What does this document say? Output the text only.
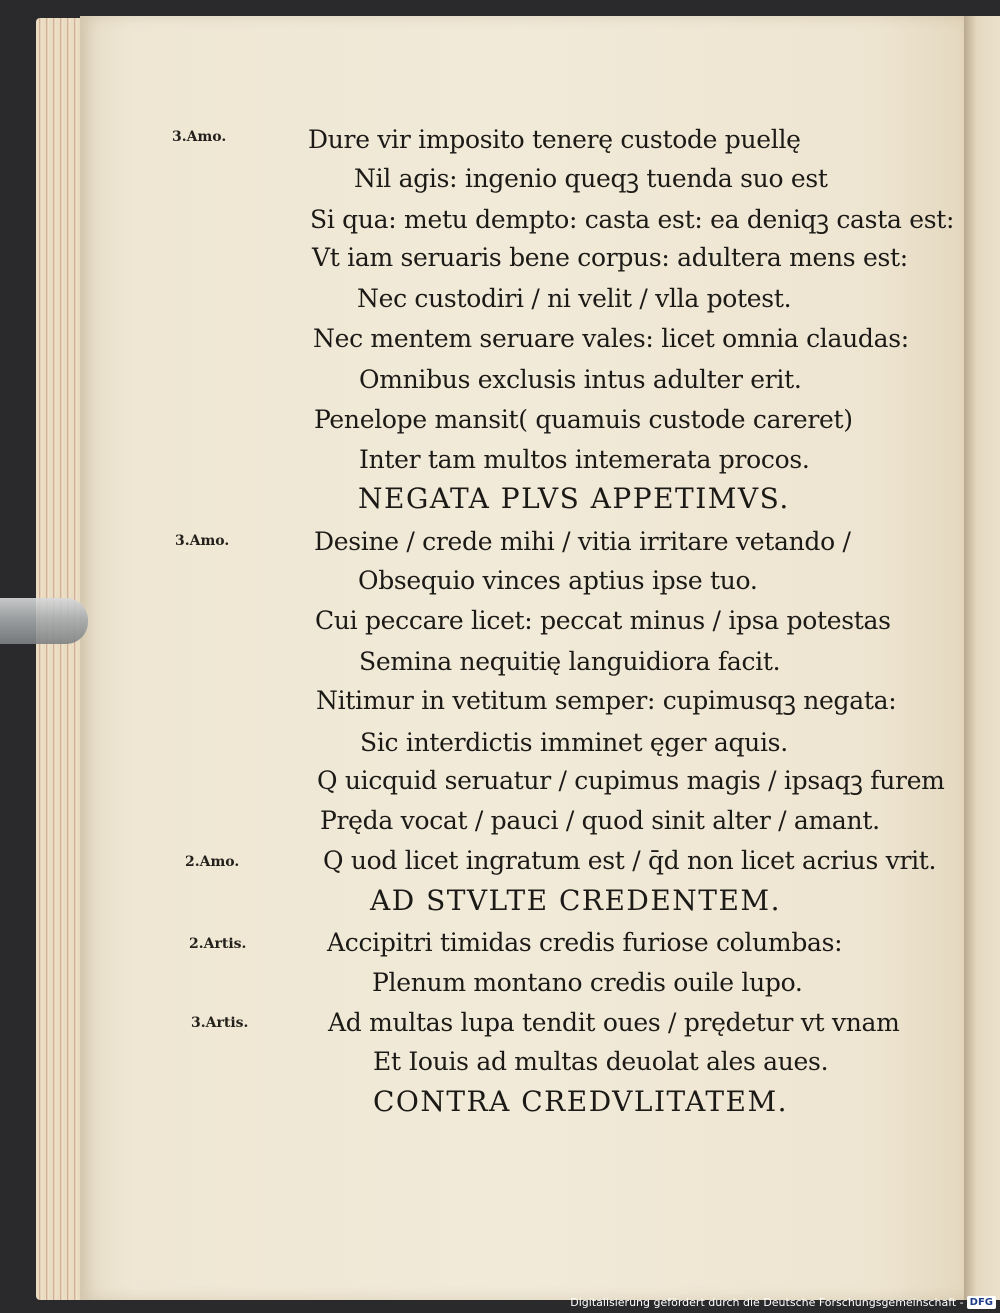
3.Amo.
3.Amo.
2.Amo.
2.Artis.
3.Artis.
Dure vir imposito tenerę custode puellę
Nil agis: ingenio queqꝫ tuenda suo est
Si qua: metu dempto: casta est: ea deniqꝫ casta est:
Vt iam seruaris bene corpus: adultera mens est:
Nec custodiri / ni velit / vlla potest.
Nec mentem seruare vales: licet omnia claudas:
Omnibus exclusis intus adulter erit.
Penelope mansit( quamuis custode careret)
Inter tam multos intemerata procos.
NEGATA PLVS APPETIMVS.
Desine / crede mihi / vitia irritare vetando /
Obsequio vinces aptius ipse tuo.
Cui peccare licet: peccat minus / ipsa potestas
Semina nequitię languidiora facit.
Nitimur in vetitum semper: cupimusqꝫ negata:
Sic interdictis imminet ęger aquis.
Q uicquid seruatur / cupimus magis / ipsaqꝫ furem
Pręda vocat / pauci / quod sinit alter / amant.
Q uod licet ingratum est / q̄d non licet acrius vrit.
AD STVLTE CREDENTEM.
Accipitri timidas credis furiose columbas:
Plenum montano credis ouile lupo.
Ad multas lupa tendit oues / prędetur vt vnam
Et Iouis ad multas deuolat ales aues.
CONTRA CREDVLITATEM.
Digitalisierung gefördert durch die Deutsche Forschungsgemeinschaft - DFG
